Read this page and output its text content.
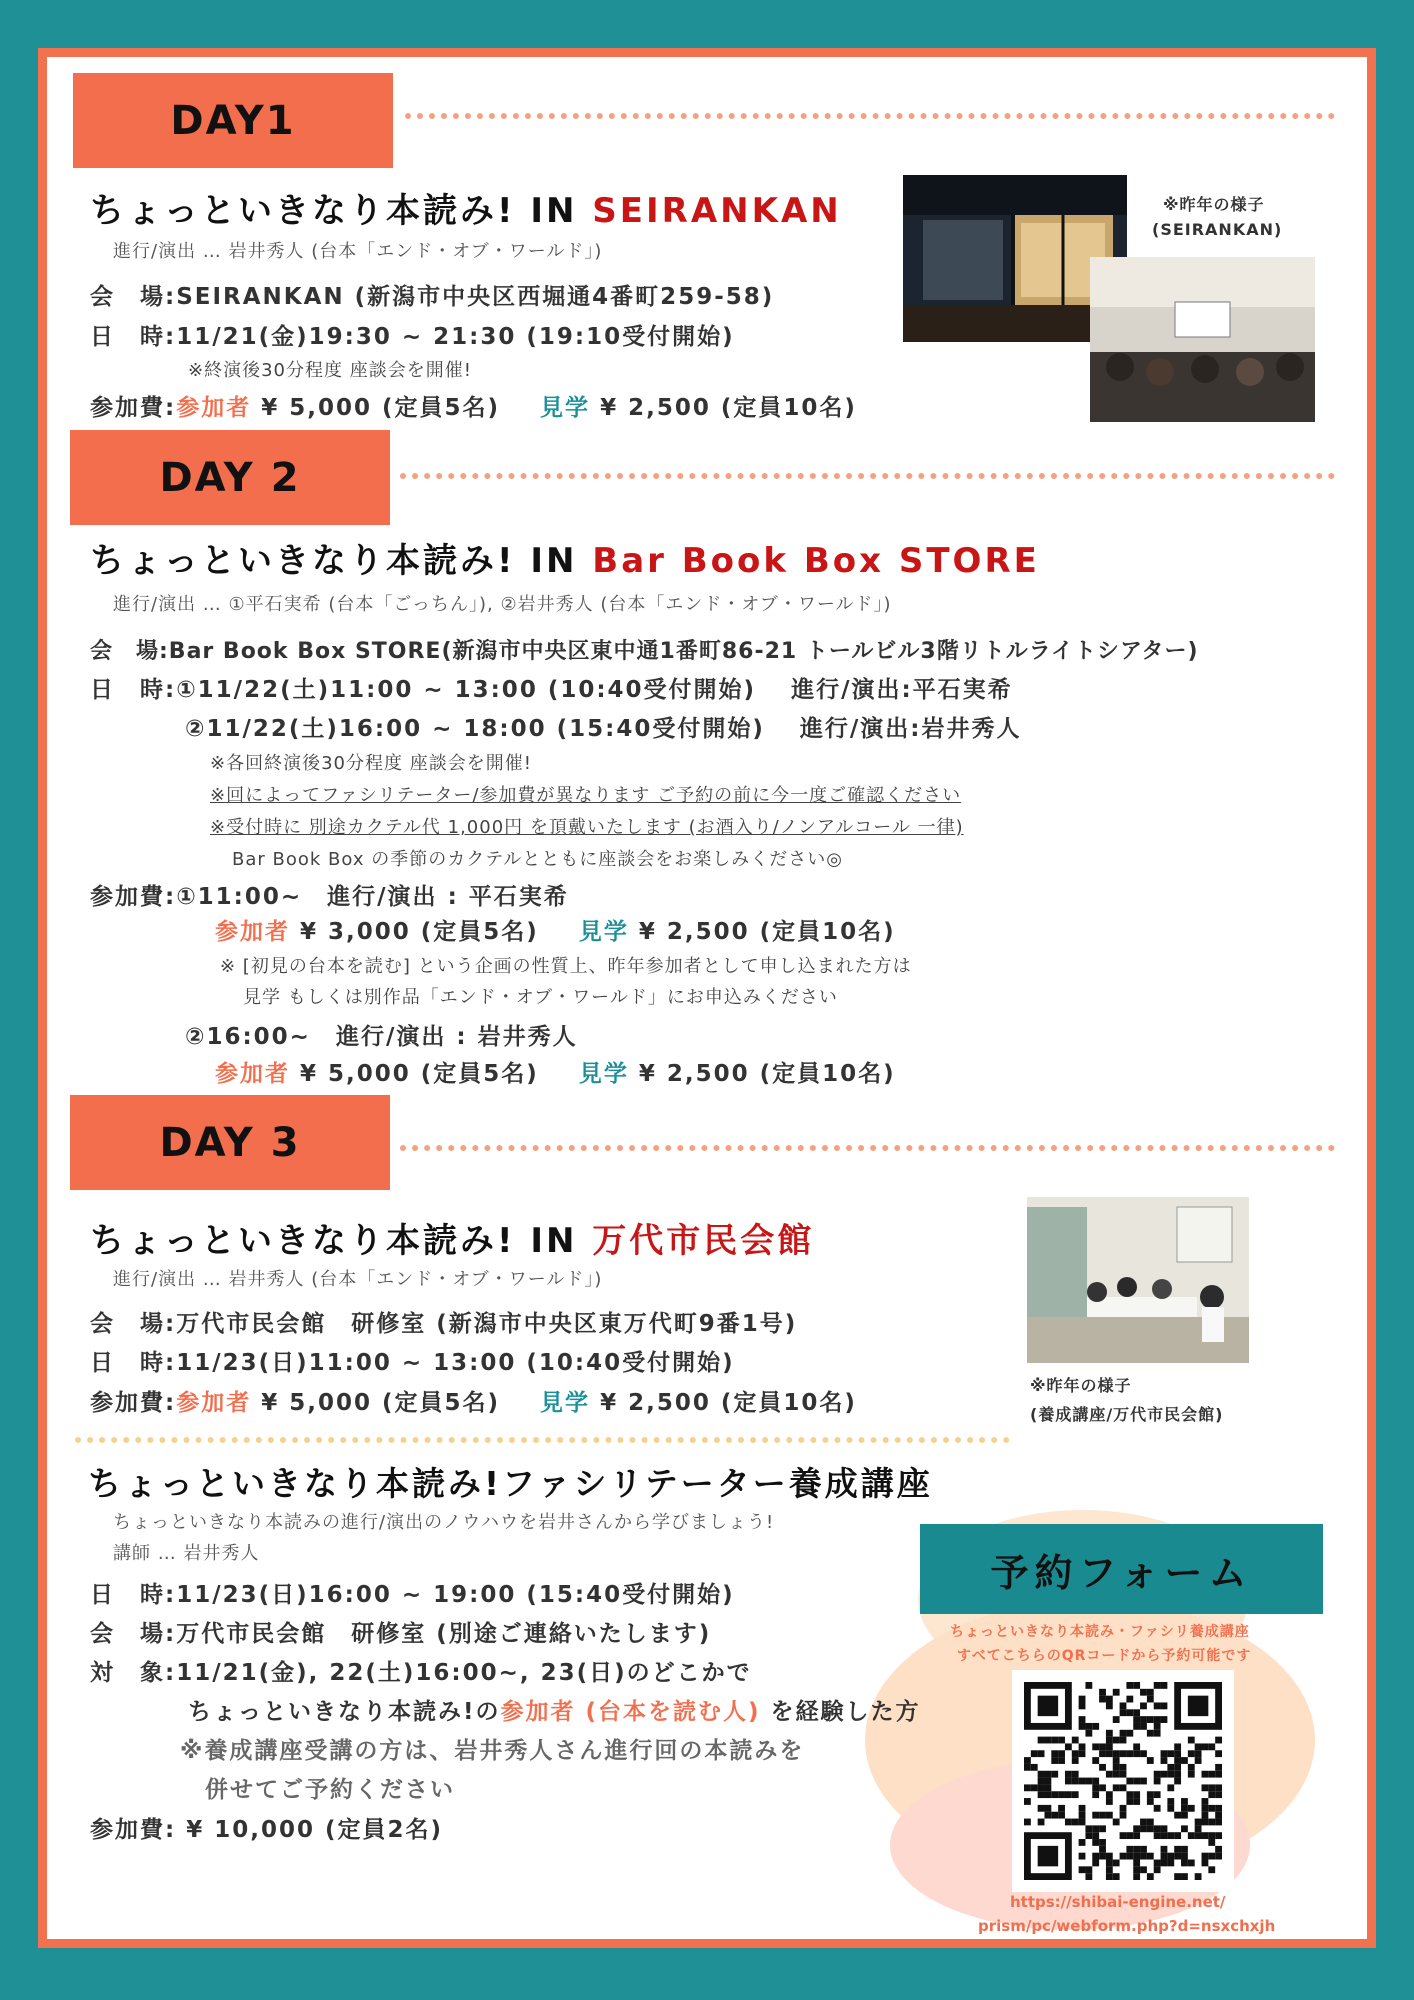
DAY1
ちょっといきなり本読み! IN SEIRANKAN
進行/演出 … 岩井秀人 (台本「エンド・オブ・ワールド」)
会　場:SEIRANKAN (新潟市中央区西堀通4番町259-58)
日　時:11/21(金)19:30 ~ 21:30 (19:10受付開始)
※終演後30分程度 座談会を開催!
参加費:参加者 ¥ 5,000 (定員5名) 見学 ¥ 2,500 (定員10名)
※昨年の様子
(SEIRANKAN)
DAY 2
ちょっといきなり本読み! IN Bar Book Box STORE
進行/演出 … ①平石実希 (台本「ごっちん」), ②岩井秀人 (台本「エンド・オブ・ワールド」)
会　場:Bar Book Box STORE(新潟市中央区東中通1番町86-21 トールビル3階リトルライトシアター)
日　時:①11/22(土)11:00 ~ 13:00 (10:40受付開始)　 進行/演出:平石実希
②11/22(土)16:00 ~ 18:00 (15:40受付開始)　 進行/演出:岩井秀人
※各回終演後30分程度 座談会を開催!
※回によってファシリテーター/参加費が異なります ご予約の前に今一度ご確認ください
※受付時に 別途カクテル代 1,000円 を頂戴いたします (お酒入り/ノンアルコール 一律)
Bar Book Box の季節のカクテルとともに座談会をお楽しみください◎
参加費:①11:00~　進行/演出 : 平石実希
参加者 ¥ 3,000 (定員5名) 見学 ¥ 2,500 (定員10名)
※ [初見の台本を読む] という企画の性質上、昨年参加者として申し込まれた方は
見学 もしくは別作品「エンド・オブ・ワールド」にお申込みください
②16:00~　進行/演出 : 岩井秀人
参加者 ¥ 5,000 (定員5名) 見学 ¥ 2,500 (定員10名)
DAY 3
ちょっといきなり本読み! IN 万代市民会館
進行/演出 … 岩井秀人 (台本「エンド・オブ・ワールド」)
会　場:万代市民会館　研修室 (新潟市中央区東万代町9番1号)
日　時:11/23(日)11:00 ~ 13:00 (10:40受付開始)
参加費:参加者 ¥ 5,000 (定員5名) 見学 ¥ 2,500 (定員10名)
※昨年の様子
(養成講座/万代市民会館)
ちょっといきなり本読み!ファシリテーター養成講座
ちょっといきなり本読みの進行/演出のノウハウを岩井さんから学びましょう!
講師 … 岩井秀人
日　時:11/23(日)16:00 ~ 19:00 (15:40受付開始)
会　場:万代市民会館　研修室 (別途ご連絡いたします)
対　象:11/21(金), 22(土)16:00~, 23(日)のどこかで
ちょっといきなり本読み!の参加者 (台本を読む人) を経験した方
※養成講座受講の方は、岩井秀人さん進行回の本読みを
併せてご予約ください
参加費: ¥ 10,000 (定員2名)
予約フォーム
ちょっといきなり本読み・ファシリ養成講座
すべてこちらのQRコードから予約可能です
https://shibai-engine.net/
prism/pc/webform.php?d=nsxchxjh
